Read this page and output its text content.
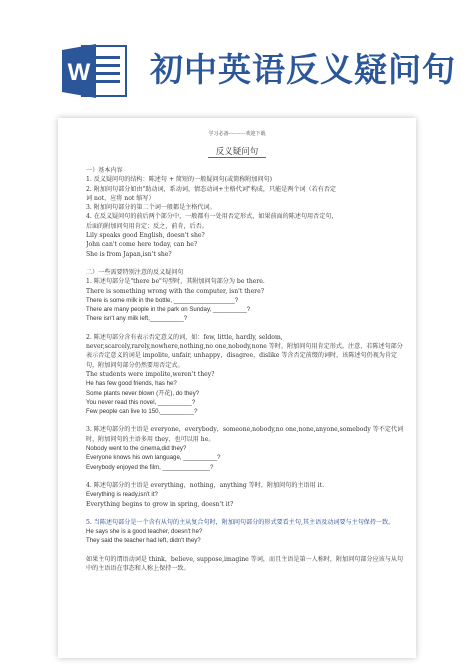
W 初中英语反义疑问句
学习必备----------欢迎下载
反义疑问句
一）基本内容
1. 反义疑问句的结构：陈述句 + 简短的一般疑问句(或简称附加问句)
2. 附加问句部分如由"助动词，系动词，情态动词+主格代词"构成，只能是两个词（若有否定
词 not，应将 not 缩写）
3. 附加问句部分的第二个词一般都是主格代词。
4. 在反义疑问句的前后两个部分中，一般都有一处用否定形式，如果前面的陈述句用否定句，
后面的附加问句用肯定；反之，前肯，后否。
Lily speaks good English, doesn't she?
John can't come here today, can he?
She is from Japan,isn't she?
二）一些需要特别注意的反义疑问句
1. 陈述句部分是"there be"句型时，其附加问句部分为 be there.
There is something wrong with the computer, isn't there?
There is some milk in the bottle, __________________?
There are many people in the park on Sunday, __________?
There isn't any milk left,__________?
2. 陈述句部分含有表示否定意义的词，如：few, little, hardly, seldom, never,scarcely,rarely,nowhere,nothing,no one,nobody,none 等时，附加问句用肯定形式。注意，若陈述句部分表示否定意义的词是 impolite, unfair, unhappy，disagree，dislike 等含否定前缀的词时，该陈述句仍视为肯定句，附加问句部分仍然要用否定式。
The students were impolite,weren't they?
He has few good friends, has he?
Some plants never blown (开花), do they?
You never read this novel, __________?
Few people can live to 150,__________?
3. 陈述句部分的主语是 everyone，everybody，someone,nobody,no one,none,anyone,somebody 等不定代词时，附加问句的主语多用 they，也可以用 he。
Nobody went to the cinema,did they?
Everyone knows his own language, __________?
Everybody enjoyed the film, ______________?
4. 陈述句部分的主语是 everything，nothing，anything 等时，附加问句的主语用 it.
Everything is ready,isn't it?
Everything begins to grow in spring, doesn't it?
5. 当陈述句部分是一个含有从句的主从复合句时，附加问句部分的形式要看主句,其主语及动词要与主句保持一致。
He says she is a good teacher, doesn't he?
They said the teacher had left, didn't they?
如果主句的谓语动词是 think，believe, suppose,imagine 等词，而且主语是第一人称时，附加问句部分应该与从句中的主语语在事态和人称上保持一致。
